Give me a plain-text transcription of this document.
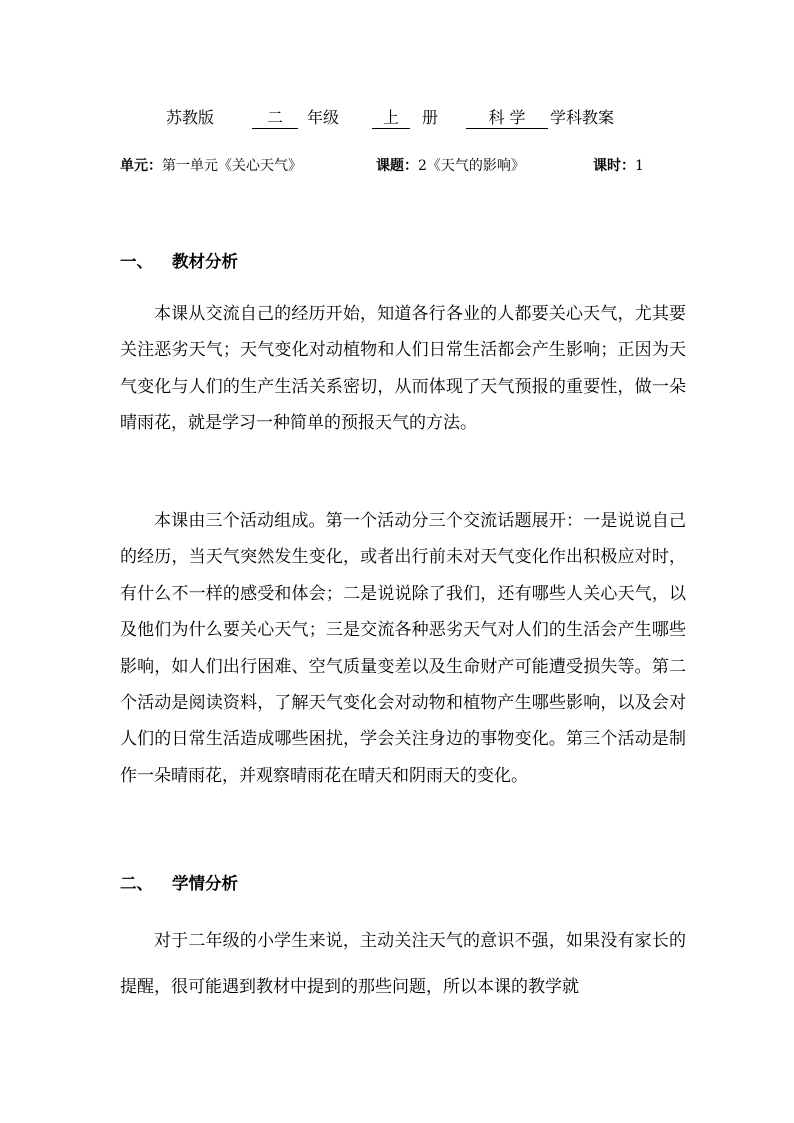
苏教版	二	年级	上	册	科 学	学科教案
单元：第一单元《关心天气》	课题：2《天气的影响》	课时：1
一、 教材分析

本课从交流自己的经历开始，知道各行各业的人都要关心天气，尤其要关注恶劣天气；天气变化对动植物和人们日常生活都会产生影响；正因为天气变化与人们的生产生活关系密切，从而体现了天气预报的重要性，做一朵晴雨花，就是学习一种简单的预报天气的方法。

本课由三个活动组成。第一个活动分三个交流话题展开：一是说说自己的经历，当天气突然发生变化，或者出行前未对天气变化作出积极应对时，有什么不一样的感受和体会；二是说说除了我们，还有哪些人关心天气，以及他们为什么要关心天气；三是交流各种恶劣天气对人们的生活会产生哪些影响，如人们出行困难、空气质量变差以及生命财产可能遭受损失等。第二个活动是阅读资料，了解天气变化会对动物和植物产生哪些影响，以及会对人们的日常生活造成哪些困扰，学会关注身边的事物变化。第三个活动是制作一朵晴雨花，并观察晴雨花在晴天和阴雨天的变化。

二、 学情分析

对于二年级的小学生来说，主动关注天气的意识不强，如果没有家长的提醒，很可能遇到教材中提到的那些问题，所以本课的教学就
